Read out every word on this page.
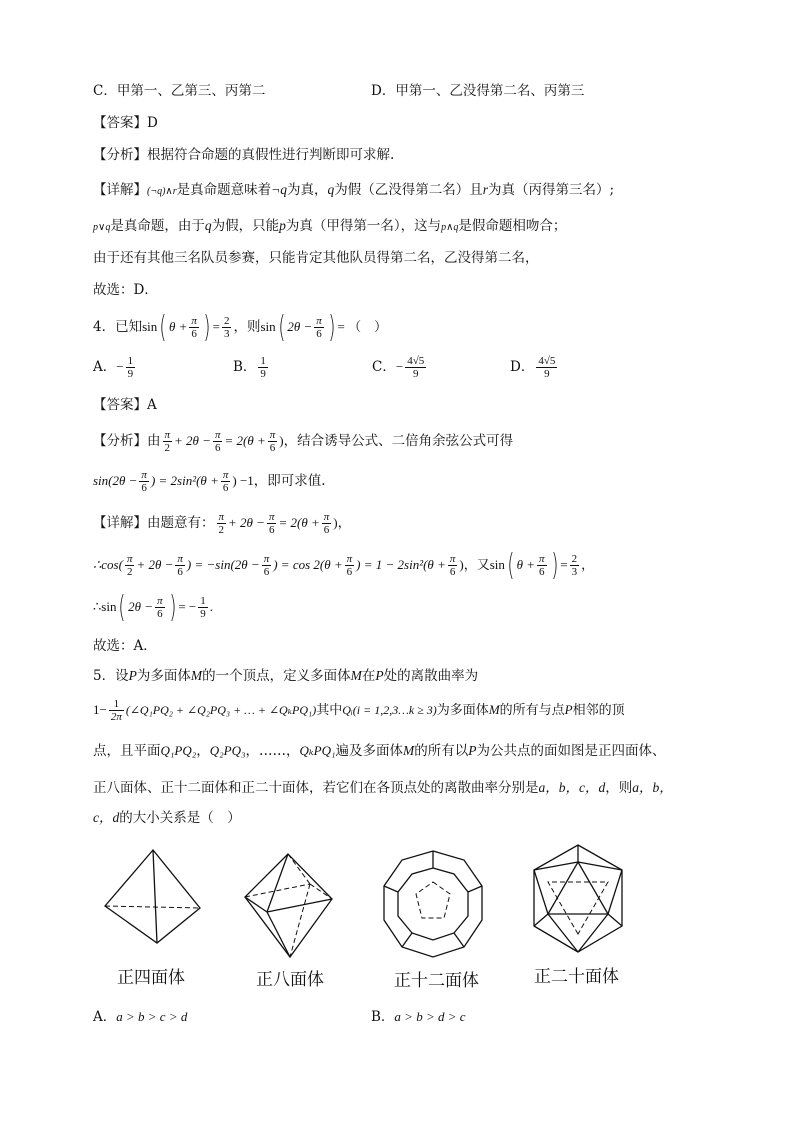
C．甲第一、乙第三、丙第二	D．甲第一、乙没得第二名、丙第三
【答案】D
【分析】根据符合命题的真假性进行判断即可求解.
【详解】(¬q)∧r是真命题意味着¬q为真，q为假（乙没得第二名）且r为真（丙得第三名）;
p∨q是真命题，由于q为假，只能p为真（甲得第一名），这与p∧q是假命题相吻合；
由于还有其他三名队员参赛，只能肯定其他队员得第二名，乙没得第二名，
故选：D．
4．已知sin( $\theta + \frac{\pi}{6}$ ) = $\frac{2}{3}$ ，则sin( $2\theta - \frac{\pi}{6}$ ) = （　）
A．− $\frac{1}{9}$	B． $\frac{1}{9}$	C．− $\frac{4√5}{9}$	D． $\frac{4√5}{9}$
【答案】A
【分析】由 $\frac{\pi}{2} + 2\theta - \frac{\pi}{6} = 2(\theta + \frac{\pi}{6}$ )，结合诱导公式、二倍角余弦公式可得
$\sin(2\theta - \frac{\pi}{6}$ ) = $2\sin^2(\theta + \frac{\pi}{6}$ ) −1，即可求值.
【详解】由题意有： $\frac{\pi}{2} + 2\theta - \frac{\pi}{6} = 2(\theta + \frac{\pi}{6}$ )，
∴cos( $\frac{\pi}{2} + 2\theta - \frac{\pi}{6}$ ) = $-\sin(2\theta - \frac{\pi}{6}$ ) = $\cos 2(\theta + \frac{\pi}{6}$ ) = $1 - 2\sin^2(\theta + \frac{\pi}{6}$ )，又sin( $\theta + \frac{\pi}{6}$ ) = $\frac{2}{3}$ ，
∴sin( $2\theta - \frac{\pi}{6}$ ) = − $\frac{1}{9}$ .
故选：A．
5．设P为多面体M的一个顶点，定义多面体M在P处的离散曲率为
$1- \frac{1}{2\pi}$ (∠Q₁PQ₂ + ∠Q₂PQ₃ + … + ∠QₖPQ₁)其中Qᵢ(i = 1,2,3…k ≥ 3)为多面体M的所有与点P相邻的顶
点，且平面Q₁PQ₂，Q₂PQ₃，……，QₖPQ₁遍及多面体M的所有以P为公共点的面如图是正四面体、
正八面体、正十二面体和正二十面体，若它们在各顶点处的离散曲率分别是a，b，c，d，则a，b，
c，d的大小关系是（　）
正四面体	正八面体	正十二面体	正二十面体
A．a > b > c > d	B．a > b > d > c
